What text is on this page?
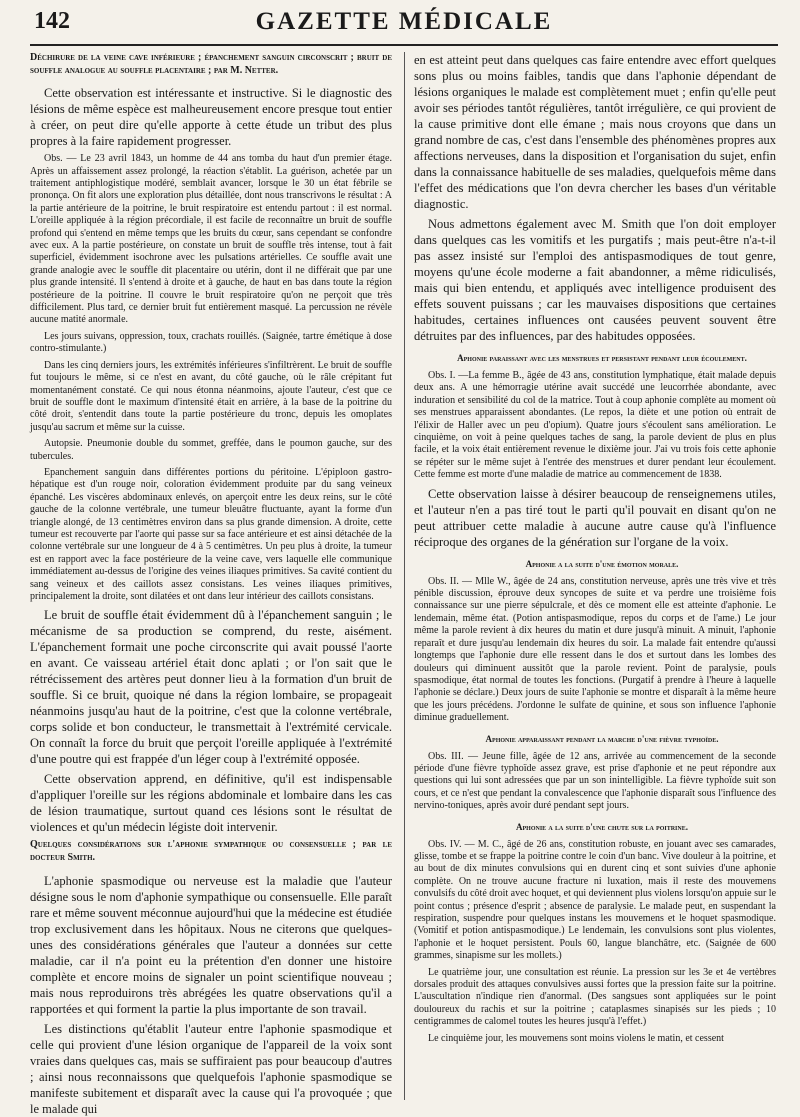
142	GAZETTE MÉDICALE

Déchirure de la veine cave inférieure ; épanchement sanguin circonscrit ; bruit de souffle analogue au souffle placentaire ; par M. Netter.

Cette observation est intéressante et instructive. Si le diagnostic des lésions de même espèce est malheureusement encore presque tout entier à créer, on peut dire qu'elle apporte à cette étude un tribut des plus propres à la faire rapidement progresser.

Obs. — Le 23 avril 1843, un homme de 44 ans tomba du haut d'un premier étage. Après un affaissement assez prolongé, la réaction s'établit. La guérison, achetée par un traitement antiphlogistique modéré, semblait avancer, lorsque le 30 un état fébrile se prononça. On fit alors une exploration plus détaillée, dont nous transcrivons le résultat : A la partie antérieure de la poitrine, le bruit respiratoire est entendu partout : il est normal. L'oreille appliquée à la région précordiale, il est facile de reconnaître un bruit de souffle profond qui s'entend en même temps que les bruits du cœur, sans cependant se confondre avec eux. A la partie postérieure, on constate un bruit de souffle très intense, tout à fait superficiel, évidemment isochrone avec les pulsations artérielles. Ce souffle avait une grande analogie avec le souffle dit placentaire ou utérin, dont il ne différait que par une plus grande intensité. Il s'entend à droite et à gauche, de haut en bas dans toute la région postérieure de la poitrine. Il couvre le bruit respiratoire qu'on ne perçoit que très difficilement. Plus tard, ce dernier bruit fut entièrement masqué. La percussion ne révèle aucune matité anormale.

Les jours suivans, oppression, toux, crachats rouillés. (Saignée, tartre émétique à dose contro-stimulante.)

Dans les cinq derniers jours, les extrémités inférieures s'infiltrèrent. Le bruit de souffle fut toujours le même, si ce n'est en avant, du côté gauche, où le râle crépitant fut momentanément constaté. Ce qui nous étonna néanmoins, ajoute l'auteur, c'est que ce bruit de souffle dont le maximum d'intensité était en arrière, à la base de la poitrine du côté droit, s'entendit dans toute la partie postérieure du tronc, depuis les omoplates jusqu'au sacrum et même sur la cuisse.

Autopsie. Pneumonie double du sommet, greffée, dans le poumon gauche, sur des tubercules.

Epanchement sanguin dans différentes portions du péritoine. L'épiploon gastro-hépatique est d'un rouge noir, coloration évidemment produite par du sang veineux épanché. Les viscères abdominaux enlevés, on aperçoit entre les deux reins, sur le côté gauche de la colonne vertébrale, une tumeur bleuâtre fluctuante, ayant la forme d'un triangle alongé, de 13 centimètres environ dans sa plus grande dimension. A droite, cette tumeur est recouverte par l'aorte qui passe sur sa face antérieure et est ainsi détachée de la colonne vertébrale sur une longueur de 4 à 5 centimètres. Un peu plus à droite, la tumeur est en rapport avec la face postérieure de la veine cave, vers laquelle elle communique immédiatement au-dessus de l'origine des veines iliaques primitives. Sa cavité contient du sang veineux et des caillots assez consistans. Les veines iliaques primitives, principalement la droite, sont dilatées et ont dans leur intérieur des caillots consistans.

Le bruit de souffle était évidemment dû à l'épanchement sanguin ; le mécanisme de sa production se comprend, du reste, aisément. L'épanchement formait une poche circonscrite qui avait poussé l'aorte en avant. Ce vaisseau artériel était donc aplati ; or l'on sait que le rétrécissement des artères peut donner lieu à la formation d'un bruit de souffle. Si ce bruit, quoique né dans la région lombaire, se propageait néanmoins jusqu'au haut de la poitrine, c'est que la colonne vertébrale, corps solide et bon conducteur, le transmettait à l'extrémité cervicale. On connaît la force du bruit que perçoit l'oreille appliquée à l'extrémité d'une poutre qui est frappée d'un léger coup à l'extrémité opposée.

Cette observation apprend, en définitive, qu'il est indispensable d'appliquer l'oreille sur les régions abdominale et lombaire dans les cas de lésion traumatique, surtout quand ces lésions sont le résultat de violences et qu'un médecin légiste doit intervenir.

Quelques considérations sur l'aphonie sympathique ou consensuelle ; par le docteur Smith.

L'aphonie spasmodique ou nerveuse est la maladie que l'auteur désigne sous le nom d'aphonie sympathique ou consensuelle. Elle paraît rare et même souvent méconnue aujourd'hui que la médecine est étudiée trop exclusivement dans les hôpitaux. Nous ne citerons que quelques-unes des considérations générales que l'auteur a données sur cette maladie, car il n'a point eu la prétention d'en donner une histoire complète et encore moins de signaler un point scientifique nouveau ; mais nous reproduirons très abrégées les quatre observations qu'il a rapportées et qui forment la partie la plus importante de son travail.

Les distinctions qu'établit l'auteur entre l'aphonie spasmodique et celle qui provient d'une lésion organique de l'appareil de la voix sont vraies dans quelques cas, mais se suffiraient pas pour beaucoup d'autres ; ainsi nous reconnaissons que quelquefois l'aphonie spasmodique se manifeste subitement et disparaît avec la cause qui l'a provoquée ; que le malade qui

en est atteint peut dans quelques cas faire entendre avec effort quelques sons plus ou moins faibles, tandis que dans l'aphonie dépendant de lésions organiques le malade est complètement muet ; enfin qu'elle peut avoir ses périodes tantôt régulières, tantôt irrégulière, ce qui provient de la cause primitive dont elle émane ; mais nous croyons que dans un grand nombre de cas, c'est dans l'ensemble des phénomènes propres aux affections nerveuses, dans la disposition et l'organisation du sujet, enfin dans la connaissance habituelle de ses maladies, quelquefois même dans l'effet des médications que l'on devra chercher les bases d'un véritable diagnostic.

Nous admettons également avec M. Smith que l'on doit employer dans quelques cas les vomitifs et les purgatifs ; mais peut-être n'a-t-il pas assez insisté sur l'emploi des antispasmodiques de tout genre, moyens qu'une école moderne a fait abandonner, a même ridiculisés, mais qui bien entendu, et appliqués avec intelligence produisent des effets souvent puissans ; car les mauvaises dispositions que certaines habitudes, certaines influences ont causées peuvent souvent être détruites par des influences, par des habitudes opposées.

Aphonie paraissant avec les menstrues et persistant pendant leur écoulement.

Obs. I. —La femme B., âgée de 43 ans, constitution lymphatique, était malade depuis deux ans. A une hémorragie utérine avait succédé une leucorrhée abondante, avec induration et sensibilité du col de la matrice. Tout à coup aphonie complète au moment où ses menstrues apparaissent abondantes. (Le repos, la diète et une potion où entrait de l'élixir de Haller avec un peu d'opium). Quatre jours s'écoulent sans amélioration. Le cinquième, on voit à peine quelques taches de sang, la parole devient de plus en plus facile, et la voix était entièrement revenue le dixième jour. J'ai vu trois fois cette aphonie se répéter sur le même sujet à l'entrée des menstrues et durer pendant leur écoulement. Cette femme est morte d'une maladie de matrice au commencement de 1838.

Cette observation laisse à désirer beaucoup de renseignemens utiles, et l'auteur n'en a pas tiré tout le parti qu'il pouvait en disant qu'on ne peut attribuer cette maladie à aucune autre cause qu'à l'influence réciproque des organes de la génération sur l'organe de la voix.

Aphonie a la suite d'une émotion morale.

Obs. II. — Mlle W., âgée de 24 ans, constitution nerveuse, après une très vive et très pénible discussion, éprouve deux syncopes de suite et va perdre une troisième fois connaissance sur une pierre sépulcrale, et dès ce moment elle est atteinte d'aphonie. Le lendemain, même état. (Potion antispasmodique, repos du corps et de l'ame.) Le jour même la parole revient à dix heures du matin et dure jusqu'à minuit. A minuit, l'aphonie reparaît et dure jusqu'au lendemain dix heures du soir. La malade fait entendre qu'aussi longtemps que l'aphonie dure elle ressent dans le dos et surtout dans les lombes des douleurs qui diminuent aussitôt que la parole revient. Point de paralysie, pouls spasmodique, état normal de toutes les fonctions. (Purgatif à prendre à l'heure à laquelle l'aphonie se déclare.) Deux jours de suite l'aphonie se montre et disparaît à la même heure que les jours précédens. J'ordonne le sulfate de quinine, et sous son influence l'aphonie diminue graduellement.

Aphonie apparaissant pendant la marche d'une fièvre typhoïde.

Obs. III. — Jeune fille, âgée de 12 ans, arrivée au commencement de la seconde période d'une fièvre typhoïde assez grave, est prise d'aphonie et ne peut répondre aux questions qui lui sont adressées que par un son inintelligible. La fièvre typhoïde suit son cours, et ce n'est que pendant la convalescence que l'aphonie disparaît sous l'influence des nervino-toniques, après avoir duré pendant sept jours.

Aphonie a la suite d'une chute sur la poitrine.

Obs. IV. — M. C., âgé de 26 ans, constitution robuste, en jouant avec ses camarades, glisse, tombe et se frappe la poitrine contre le coin d'un banc. Vive douleur à la poitrine, et au bout de dix minutes convulsions qui en durent cinq et sont suivies d'une aphonie complète. On ne trouve aucune fracture ni luxation, mais il reste des mouvemens convulsifs du côté droit avec hoquet, et qui deviennent plus violens lorsqu'on appuie sur le point contus ; présence d'esprit ; absence de paralysie. Le malade peut, en suspendant la respiration, suspendre pour quelques instans les mouvemens et le hoquet spasmodique. (Vomitif et potion antispasmodique.) Le lendemain, les convulsions sont plus violentes, l'aphonie et le hoquet persistent. Pouls 60, langue blanchâtre, etc. (Saignée de 600 grammes, sinapisme sur les mollets.)

Le quatrième jour, une consultation est réunie. La pression sur les 3e et 4e vertèbres dorsales produit des attaques convulsives aussi fortes que la pression faite sur la poitrine. L'auscultation n'indique rien d'anormal. (Des sangsues sont appliquées sur le point douloureux du rachis et sur la poitrine ; cataplasmes sinapisés sur les pieds ; 10 centigrammes de calomel toutes les heures jusqu'à l'effet.)

Le cinquième jour, les mouvemens sont moins violens le matin, et cessent
